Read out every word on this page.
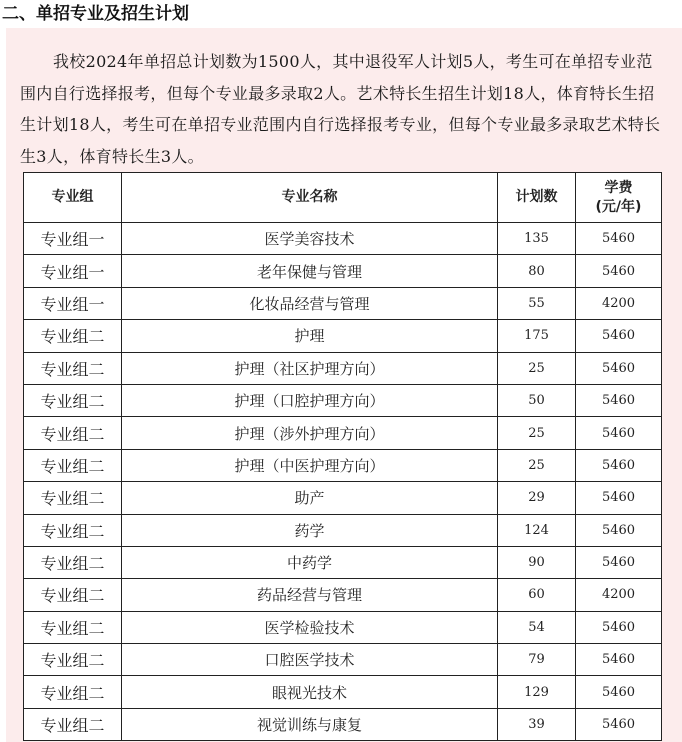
二、单招专业及招生计划
我校2024年单招总计划数为1500人，其中退役军人计划5人，考生可在单招专业范围内自行选择报考，但每个专业最多录取2人。艺术特长生招生计划18人，体育特长生招生计划18人，考生可在单招专业范围内自行选择报考专业，但每个专业最多录取艺术特长生3人，体育特长生3人。
专业组	专业名称	计划数	学费
(元/年)

专业组一	医学美容技术	135	5460
专业组一	老年保健与管理	80	5460
专业组一	化妆品经营与管理	55	4200
专业组二	护理	175	5460
专业组二	护理（社区护理方向）	25	5460
专业组二	护理（口腔护理方向）	50	5460
专业组二	护理（涉外护理方向）	25	5460
专业组二	护理（中医护理方向）	25	5460
专业组二	助产	29	5460
专业组二	药学	124	5460
专业组二	中药学	90	5460
专业组二	药品经营与管理	60	4200
专业组二	医学检验技术	54	5460
专业组二	口腔医学技术	79	5460
专业组二	眼视光技术	129	5460
专业组二	视觉训练与康复	39	5460
